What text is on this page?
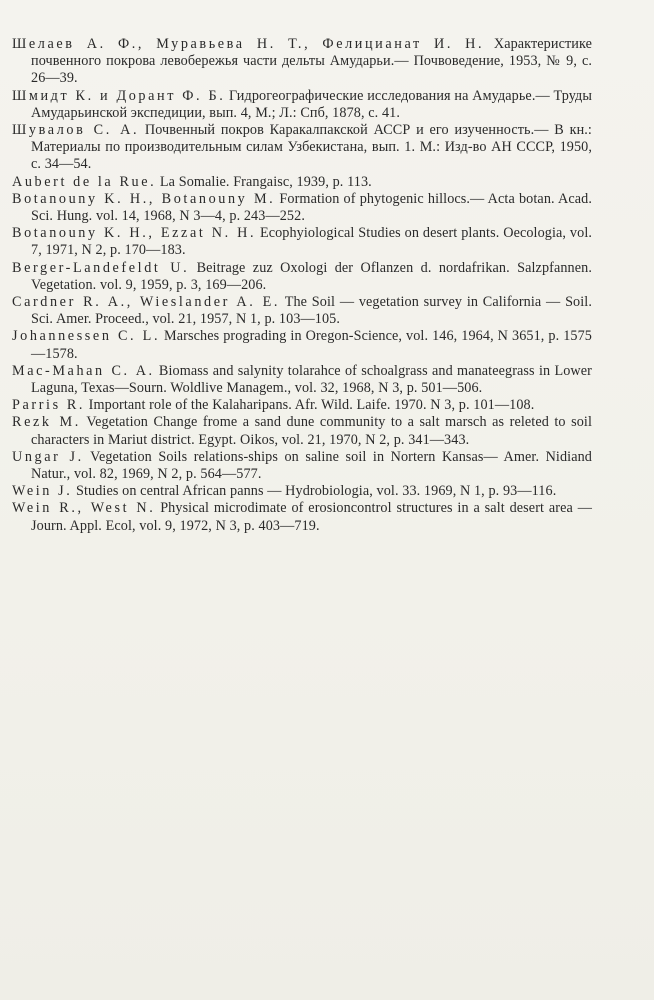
Шелаев А. Ф., Муравьева Н. Т., Фелицианат И. Н. Характеристике почвенного покрова левобережья части дельты Амударьи.— Почвоведение, 1953, № 9, с. 26—39.

Шмидт К. и Дорант Ф. Б. Гидрогеографические исследования на Амударье.— Труды Амударьинской экспедиции, вып. 4, М.; Л.: Спб, 1878, с. 41.

Шувалов С. А. Почвенный покров Каракалпакской АССР и его изученность.— В кн.: Материалы по производительным силам Узбекистана, вып. 1. М.: Изд-во АН СССР, 1950, с. 34—54.

Aubert de la Rue. La Somalie. Frangaisc, 1939, p. 113.

Botanouny K. H., Botanouny M. Formation of phytogenic hillocs.— Acta botan. Acad. Sci. Hung. vol. 14, 1968, N 3—4, p. 243—252.

Botanouny K. H., Ezzat N. H. Ecophyiological Studies on desert plants. Oecologia, vol. 7, 1971, N 2, p. 170—183.

Berger-Landefeldt U. Beitrage zuz Oxologi der Oflanzen d. nordafrikan. Salzpfannen. Vegetation. vol. 9, 1959, p. 3, 169—206.

Cardner R. A., Wieslander A. E. The Soil — vegetation survey in California — Soil. Sci. Amer. Proceed., vol. 21, 1957, N 1, p. 103—105.

Johannessen C. L. Marsches prograding in Oregon-Science, vol. 146, 1964, N 3651, p. 1575—1578.

Mac-Mahan C. A. Biomass and salynity tolarahce of schoalgrass and manateegrass in Lower Laguna, Texas—Sourn. Woldlive Managem., vol. 32, 1968, N 3, p. 501—506.

Parris R. Important role of the Kalaharipans. Afr. Wild. Laife. 1970. N 3, p. 101—108.

Rezk M. Vegetation Change frome a sand dune community to a salt marsch as releted to soil characters in Mariut district. Egypt. Oikos, vol. 21, 1970, N 2, p. 341—343.

Ungar J. Vegetation Soils relations-ships on saline soil in Nortern Kansas— Amer. Nidiand Natur., vol. 82, 1969, N 2, p. 564—577.

Wein J. Studies on central African panns — Hydrobiologia, vol. 33. 1969, N 1, p. 93—116.

Wein R., West N. Physical microdimate of erosioncontrol structures in a salt desert area — Journ. Appl. Ecol, vol. 9, 1972, N 3, p. 403—719.
